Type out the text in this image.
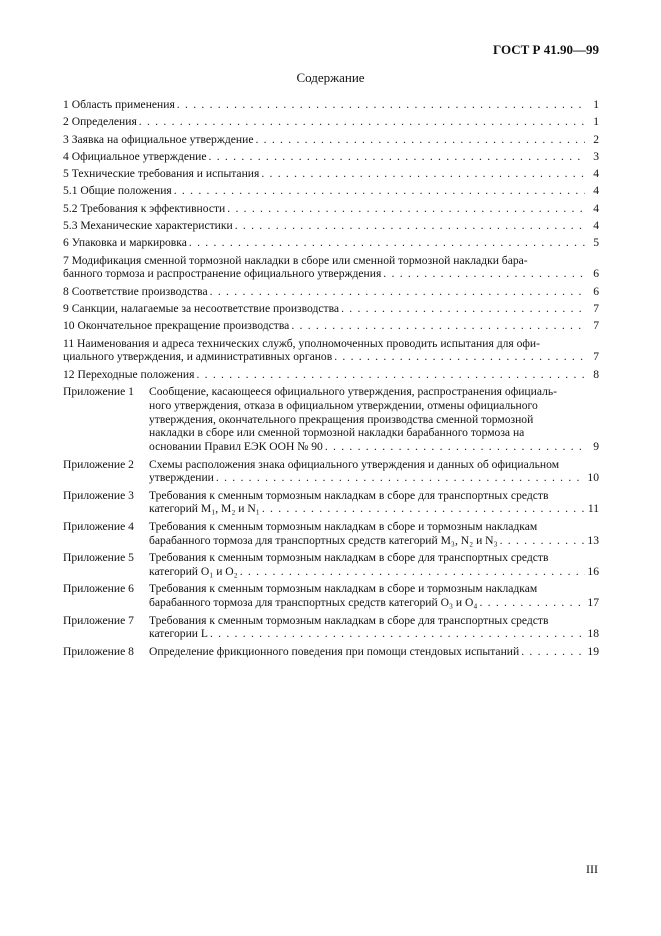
ГОСТ Р 41.90—99
Содержание
1 Область применения . . .	1
2 Определения . . .	1
3 Заявка на официальное утверждение . . .	2
4 Официальное утверждение . . .	3
5 Технические требования и испытания . . .	4
5.1 Общие положения . . .	4
5.2 Требования к эффективности . . .	4
5.3 Механические характеристики . . .	4
6 Упаковка и маркировка . . .	5
7 Модификация сменной тормозной накладки в сборе или сменной тормозной накладки бара-
банного тормоза и распространение официального утверждения . . .	6
8 Соответствие производства . . .	6
9 Санкции, налагаемые за несоответствие производства . . .	7
10 Окончательное прекращение производства . . .	7
11 Наименования и адреса технических служб, уполномоченных проводить испытания для офи-
циального утверждения, и административных органов . . .	7
12 Переходные положения . . .	8
Приложение 1	Сообщение, касающееся официального утверждения, распространения официаль-
ного утверждения, отказа в официальном утверждении, отмены официального
утверждения, окончательного прекращения производства сменной тормозной
накладки в сборе или сменной тормозной накладки барабанного тормоза на
основании Правил ЕЭК ООН № 90 . . .	9
Приложение 2	Схемы расположения знака официального утверждения и данных об официальном
утверждении . . .	10
Приложение 3	Требования к сменным тормозным накладкам в сборе для транспортных средств
категорий M₁, M₂ и N₁ . . .	11
Приложение 4	Требования к сменным тормозным накладкам в сборе и тормозным накладкам
барабанного тормоза для транспортных средств категорий M₃, N₂ и N₃ . . .	13
Приложение 5	Требования к сменным тормозным накладкам в сборе для транспортных средств
категорий O₁ и O₂ . . .	16
Приложение 6	Требования к сменным тормозным накладкам в сборе и тормозным накладкам
барабанного тормоза для транспортных средств категорий O₃ и O₄ . . .	17
Приложение 7	Требования к сменным тормозным накладкам в сборе для транспортных средств
категории L . . .	18
Приложение 8	Определение фрикционного поведения при помощи стендовых испытаний . . .	19
III
